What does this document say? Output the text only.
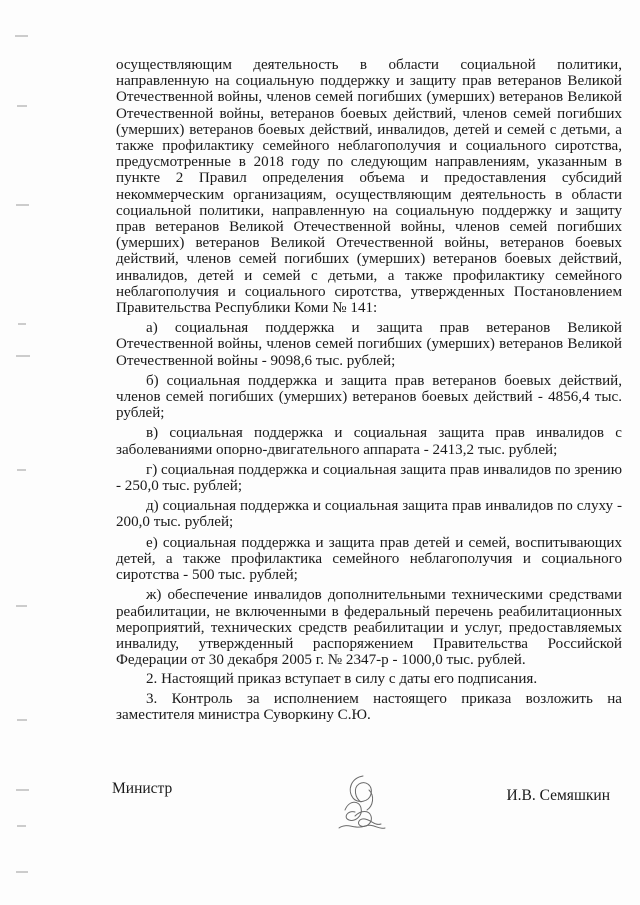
осуществляющим деятельность в области социальной политики, направленную на социальную поддержку и защиту прав ветеранов Великой Отечественной войны, членов семей погибших (умерших) ветеранов Великой Отечественной войны, ветеранов боевых действий, членов семей погибших (умерших) ветеранов боевых действий, инвалидов, детей и семей с детьми, а также профилактику семейного неблагополучия и социального сиротства, предусмотренные в 2018 году по следующим направлениям, указанным в пункте 2 Правил определения объема и предоставления субсидий некоммерческим организациям, осуществляющим деятельность в области социальной политики, направленную на социальную поддержку и защиту прав ветеранов Великой Отечественной войны, членов семей погибших (умерших) ветеранов Великой Отечественной войны, ветеранов боевых действий, членов семей погибших (умерших) ветеранов боевых действий, инвалидов, детей и семей с детьми, а также профилактику семейного неблагополучия и социального сиротства, утвержденных Постановлением Правительства Республики Коми № 141:

а) социальная поддержка и защита прав ветеранов Великой Отечественной войны, членов семей погибших (умерших) ветеранов Великой Отечественной войны - 9098,6 тыс. рублей;

б) социальная поддержка и защита прав ветеранов боевых действий, членов семей погибших (умерших) ветеранов боевых действий - 4856,4 тыс. рублей;

в) социальная поддержка и социальная защита прав инвалидов с заболеваниями опорно-двигательного аппарата - 2413,2 тыс. рублей;

г) социальная поддержка и социальная защита прав инвалидов по зрению - 250,0 тыс. рублей;

д) социальная поддержка и социальная защита прав инвалидов по слуху - 200,0 тыс. рублей;

е) социальная поддержка и защита прав детей и семей, воспитывающих детей, а также профилактика семейного неблагополучия и социального сиротства - 500 тыс. рублей;

ж) обеспечение инвалидов дополнительными техническими средствами реабилитации, не включенными в федеральный перечень реабилитационных мероприятий, технических средств реабилитации и услуг, предоставляемых инвалиду, утвержденный распоряжением Правительства Российской Федерации от 30 декабря 2005 г. № 2347-р - 1000,0 тыс. рублей.

2. Настоящий приказ вступает в силу с даты его подписания.

3. Контроль за исполнением настоящего приказа возложить на заместителя министра Суворкину С.Ю.

Министр	И.В. Семяшкин
